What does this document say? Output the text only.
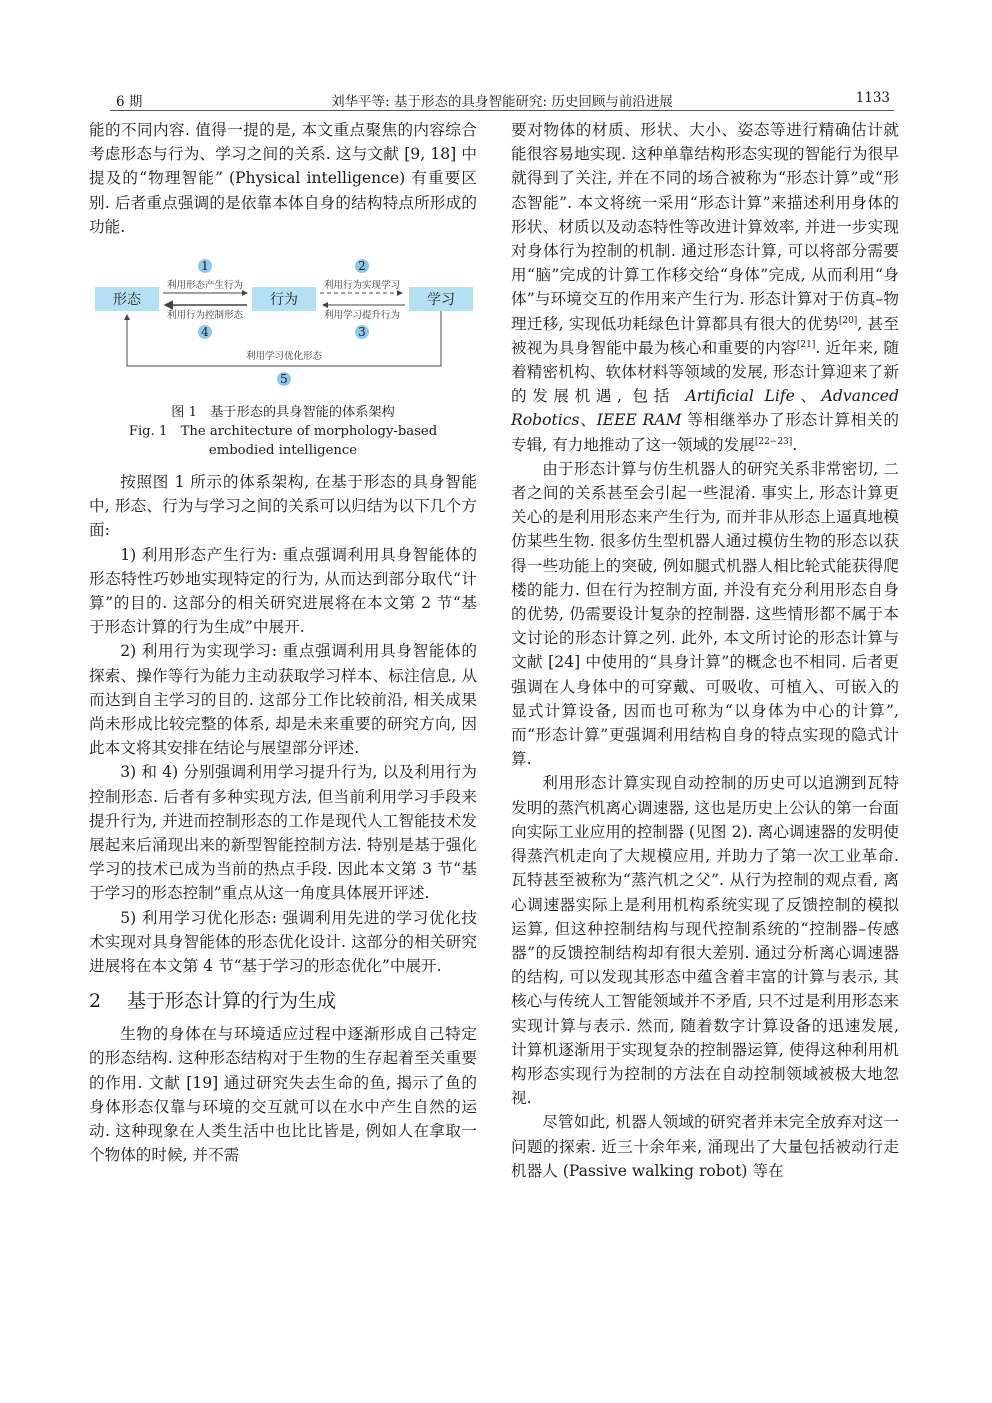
6 期	刘华平等: 基于形态的具身智能研究: 历史回顾与前沿进展	1133

能的不同内容. 值得一提的是, 本文重点聚焦的内容综合考虑形态与行为、学习之间的关系. 这与文献 [9, 18] 中提及的“物理智能” (Physical intelligence) 有重要区别. 后者重点强调的是依靠本体自身的结构特点所形成的功能.

形态	行为	学习
利用形态产生行为
1
利用行为控制形态
4
利用行为实现学习
2
利用学习提升行为
3
利用学习优化形态
5
图 1　基于形态的具身智能的体系架构
Fig. 1　The architecture of morphology-based
embodied intelligence

按照图 1 所示的体系架构, 在基于形态的具身智能中, 形态、行为与学习之间的关系可以归结为以下几个方面:

1) 利用形态产生行为: 重点强调利用具身智能体的形态特性巧妙地实现特定的行为, 从而达到部分取代“计算”的目的. 这部分的相关研究进展将在本文第 2 节“基于形态计算的行为生成”中展开.

2) 利用行为实现学习: 重点强调利用具身智能体的探索、操作等行为能力主动获取学习样本、标注信息, 从而达到自主学习的目的. 这部分工作比较前沿, 相关成果尚未形成比较完整的体系, 却是未来重要的研究方向, 因此本文将其安排在结论与展望部分评述.

3) 和 4) 分别强调利用学习提升行为, 以及利用行为控制形态. 后者有多种实现方法, 但当前利用学习手段来提升行为, 并进而控制形态的工作是现代人工智能技术发展起来后涌现出来的新型智能控制方法. 特别是基于强化学习的技术已成为当前的热点手段. 因此本文第 3 节“基于学习的形态控制”重点从这一角度具体展开评述.

5) 利用学习优化形态: 强调利用先进的学习优化技术实现对具身智能体的形态优化设计. 这部分的相关研究进展将在本文第 4 节“基于学习的形态优化”中展开.

2 基于形态计算的行为生成

生物的身体在与环境适应过程中逐渐形成自己特定的形态结构. 这种形态结构对于生物的生存起着至关重要的作用. 文献 [19] 通过研究失去生命的鱼, 揭示了鱼的身体形态仅靠与环境的交互就可以在水中产生自然的运动. 这种现象在人类生活中也比比皆是, 例如人在拿取一个物体的时候, 并不需

要对物体的材质、形状、大小、姿态等进行精确估计就能很容易地实现. 这种单靠结构形态实现的智能行为很早就得到了关注, 并在不同的场合被称为“形态计算”或“形态智能”. 本文将统一采用“形态计算”来描述利用身体的形状、材质以及动态特性等改进计算效率, 并进一步实现对身体行为控制的机制. 通过形态计算, 可以将部分需要用“脑”完成的计算工作移交给“身体”完成, 从而利用“身体”与环境交互的作用来产生行为. 形态计算对于仿真–物理迁移, 实现低功耗绿色计算都具有很大的优势[20], 甚至被视为具身智能中最为核心和重要的内容[21]. 近年来, 随着精密机构、软体材料等领域的发展, 形态计算迎来了新的发展机遇, 包括 Artificial Life、Advanced Robotics、IEEE RAM 等相继举办了形态计算相关的专辑, 有力地推动了这一领域的发展[22−23].

由于形态计算与仿生机器人的研究关系非常密切, 二者之间的关系甚至会引起一些混淆. 事实上, 形态计算更关心的是利用形态来产生行为, 而并非从形态上逼真地模仿某些生物. 很多仿生型机器人通过模仿生物的形态以获得一些功能上的突破, 例如腿式机器人相比轮式能获得爬楼的能力. 但在行为控制方面, 并没有充分利用形态自身的优势, 仍需要设计复杂的控制器. 这些情形都不属于本文讨论的形态计算之列. 此外, 本文所讨论的形态计算与文献 [24] 中使用的“具身计算”的概念也不相同. 后者更强调在人身体中的可穿戴、可吸收、可植入、可嵌入的显式计算设备, 因而也可称为“以身体为中心的计算”, 而“形态计算”更强调利用结构自身的特点实现的隐式计算.

利用形态计算实现自动控制的历史可以追溯到瓦特发明的蒸汽机离心调速器, 这也是历史上公认的第一台面向实际工业应用的控制器 (见图 2). 离心调速器的发明使得蒸汽机走向了大规模应用, 并助力了第一次工业革命. 瓦特甚至被称为“蒸汽机之父”. 从行为控制的观点看, 离心调速器实际上是利用机构系统实现了反馈控制的模拟运算, 但这种控制结构与现代控制系统的“控制器–传感器”的反馈控制结构却有很大差别. 通过分析离心调速器的结构, 可以发现其形态中蕴含着丰富的计算与表示, 其核心与传统人工智能领域并不矛盾, 只不过是利用形态来实现计算与表示. 然而, 随着数字计算设备的迅速发展, 计算机逐渐用于实现复杂的控制器运算, 使得这种利用机构形态实现行为控制的方法在自动控制领域被极大地忽视.

尽管如此, 机器人领域的研究者并未完全放弃对这一问题的探索. 近三十余年来, 涌现出了大量包括被动行走机器人 (Passive walking robot) 等在
